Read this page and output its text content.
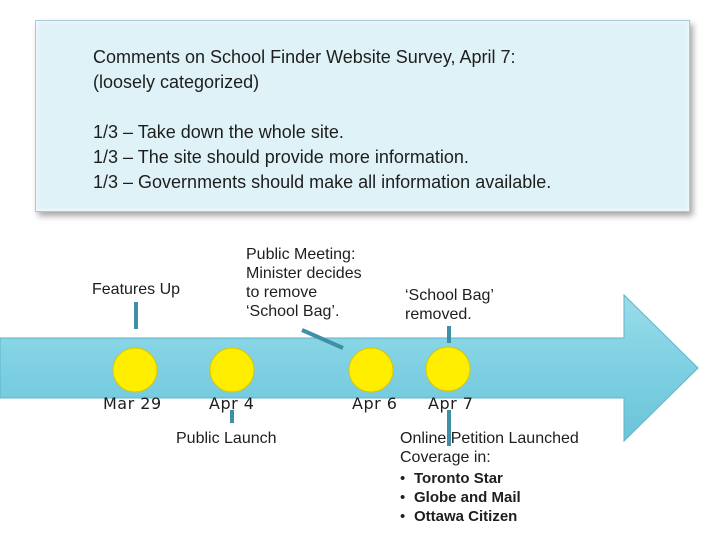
Comments on School Finder Website Survey, April 7:
(loosely categorized)
1/3 – Take down the whole site.
1/3 – The site should provide more information.
1/3 – Governments should make all information available.
Mar 29	Apr 4	Apr 6 Apr 7
Features Up
Public Meeting:
Minister decides
to remove
‘School Bag’.
‘School Bag’
removed.
Public Launch	Online Petition Launched
Coverage in:
• Toronto Star
• Globe and Mail
• Ottawa Citizen
